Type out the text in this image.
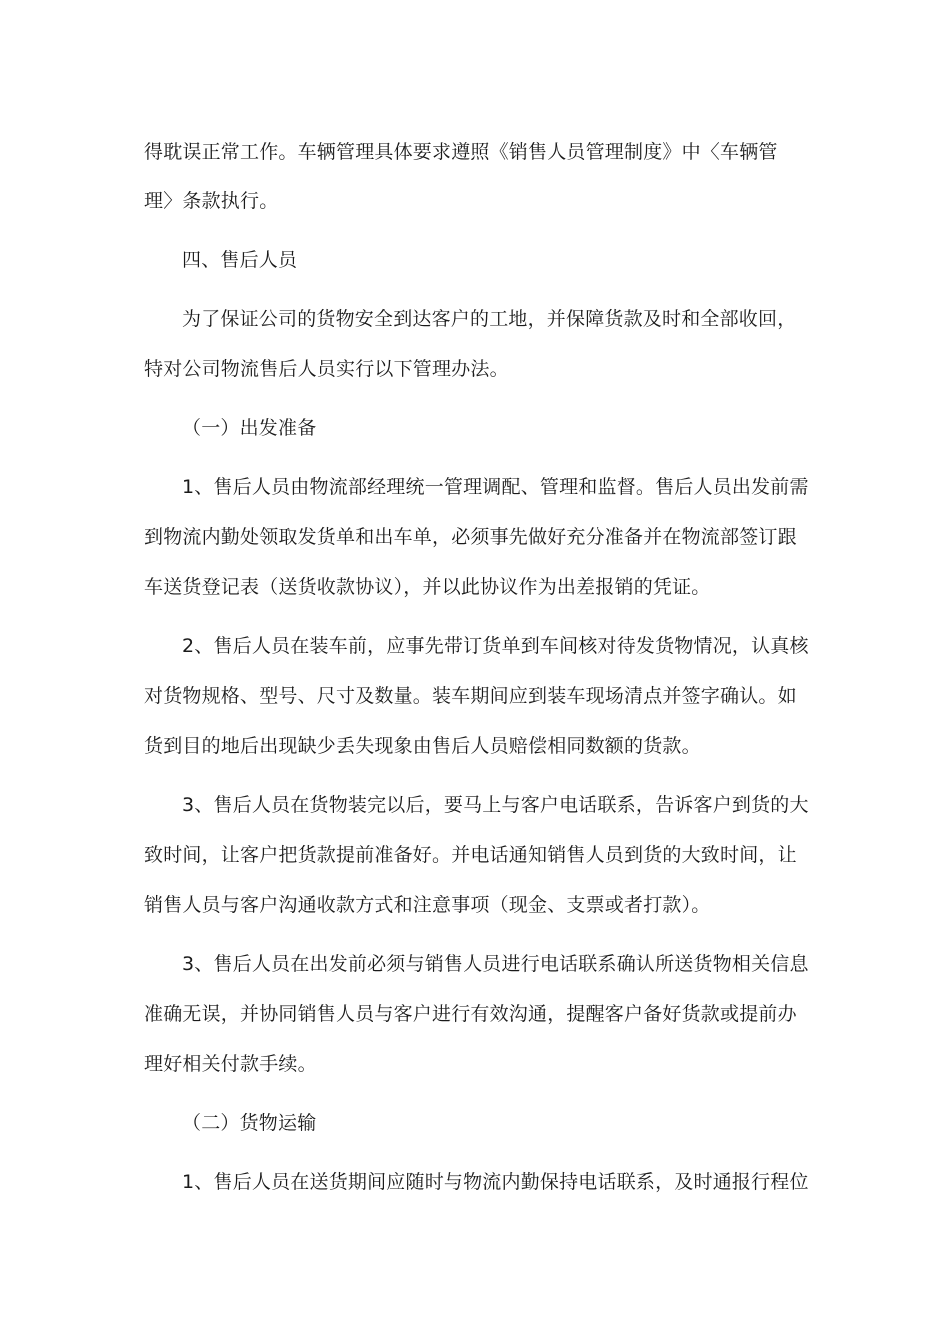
得耽误正常工作。车辆管理具体要求遵照《销售人员管理制度》中〈车辆管
理〉条款执行。
四、售后人员
为了保证公司的货物安全到达客户的工地，并保障货款及时和全部收回，
特对公司物流售后人员实行以下管理办法。
（一）出发准备
1、售后人员由物流部经理统一管理调配、管理和监督。售后人员出发前需
到物流内勤处领取发货单和出车单，必须事先做好充分准备并在物流部签订跟
车送货登记表（送货收款协议），并以此协议作为出差报销的凭证。
2、售后人员在装车前，应事先带订货单到车间核对待发货物情况，认真核
对货物规格、型号、尺寸及数量。装车期间应到装车现场清点并签字确认。如
货到目的地后出现缺少丢失现象由售后人员赔偿相同数额的货款。
3、售后人员在货物装完以后，要马上与客户电话联系，告诉客户到货的大
致时间，让客户把货款提前准备好。并电话通知销售人员到货的大致时间，让
销售人员与客户沟通收款方式和注意事项（现金、支票或者打款）。
3、售后人员在出发前必须与销售人员进行电话联系确认所送货物相关信息
准确无误，并协同销售人员与客户进行有效沟通，提醒客户备好货款或提前办
理好相关付款手续。
（二）货物运输
1、售后人员在送货期间应随时与物流内勤保持电话联系，及时通报行程位
